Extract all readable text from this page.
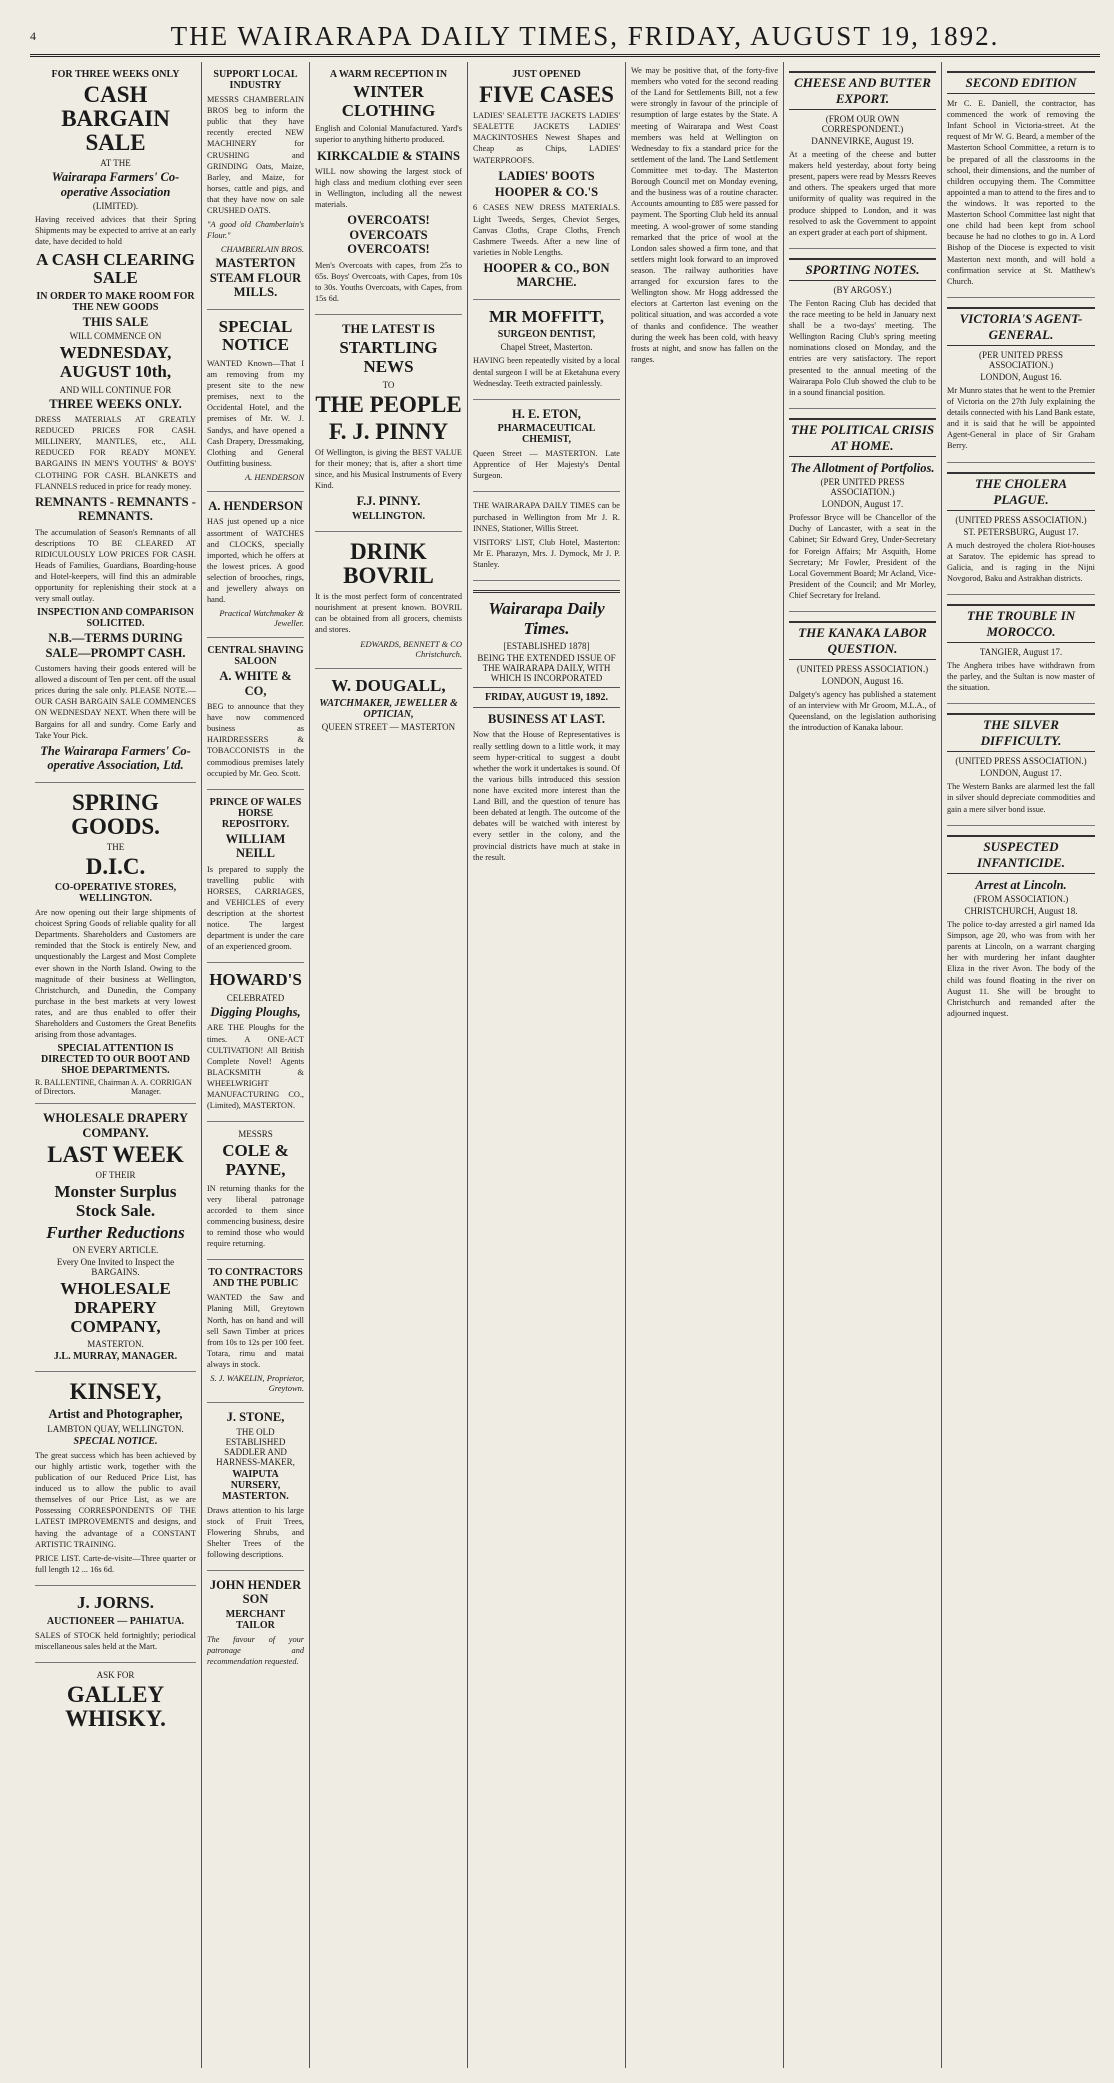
4	THE WAIRARAPA DAILY TIMES, FRIDAY, AUGUST 19, 1892.
FOR THREE WEEKS ONLY
CASH BARGAIN SALE
AT THE
Wairarapa Farmers' Co-operative Association
(LIMITED).
Having received advices that their Spring Shipments may be expected to arrive at an early date, have decided to hold
A CASH CLEARING SALE
IN ORDER TO MAKE ROOM FOR THE NEW GOODS
THIS SALE
WILL COMMENCE ON
WEDNESDAY, AUGUST 10th,
AND WILL CONTINUE FOR
THREE WEEKS ONLY.
DRESS MATERIALS AT GREATLY REDUCED PRICES FOR CASH. MILLINERY, MANTLES, etc., ALL REDUCED FOR READY MONEY. BARGAINS IN MEN'S YOUTHS' & BOYS' CLOTHING FOR CASH. BLANKETS and FLANNELS reduced in price for ready money.
REMNANTS - REMNANTS - REMNANTS.
The accumulation of Season's Remnants of all descriptions TO BE CLEARED AT RIDICULOUSLY LOW PRICES FOR CASH. Heads of Families, Guardians, Boarding-house and Hotel-keepers, will find this an admirable opportunity for replenishing their stock at a very small outlay.
INSPECTION AND COMPARISON SOLICITED.
N.B.—TERMS DURING SALE—PROMPT CASH.
Customers having their goods entered will be allowed a discount of Ten per cent. off the usual prices during the sale only. PLEASE NOTE.—OUR CASH BARGAIN SALE COMMENCES ON WEDNESDAY NEXT. When there will be Bargains for all and sundry. Come Early and Take Your Pick.
The Wairarapa Farmers' Co-operative Association, Ltd.
SPRING GOODS.
THE
D.I.C.
CO-OPERATIVE STORES, WELLINGTON.
Are now opening out their large shipments of choicest Spring Goods of reliable quality for all Departments. Shareholders and Customers are reminded that the Stock is entirely New, and unquestionably the Largest and Most Complete ever shown in the North Island. Owing to the magnitude of their business at Wellington, Christchurch, and Dunedin, the Company purchase in the best markets at very lowest rates, and are thus enabled to offer their Shareholders and Customers the Great Benefits arising from those advantages.
SPECIAL ATTENTION IS DIRECTED TO OUR BOOT AND SHOE DEPARTMENTS.
R. BALLENTINE, Chairman of Directors.
A. A. CORRIGAN Manager.
WHOLESALE DRAPERY COMPANY.
LAST WEEK
OF THEIR
Monster Surplus Stock Sale.
Further Reductions
ON EVERY ARTICLE.
Every One Invited to Inspect the BARGAINS.
WHOLESALE DRAPERY COMPANY,
MASTERTON.
J.L. MURRAY, MANAGER.
KINSEY,
Artist and Photographer,
LAMBTON QUAY, WELLINGTON.
SPECIAL NOTICE.
The great success which has been achieved by our highly artistic work, together with the publication of our Reduced Price List, has induced us to allow the public to avail themselves of our Price List, as we are Possessing CORRESPONDENTS OF THE LATEST IMPROVEMENTS and designs, and having the advantage of a CONSTANT ARTISTIC TRAINING.
PRICE LIST. Carte-de-visite—Three quarter or full length 12 ... 16s 6d.
J. JORNS.
AUCTIONEER — PAHIATUA.
SALES of STOCK held fortnightly; periodical miscellaneous sales held at the Mart.
ASK FOR
GALLEY WHISKY.
SUPPORT LOCAL INDUSTRY
MESSRS CHAMBERLAIN BROS beg to inform the public that they have recently erected NEW MACHINERY for CRUSHING and GRINDING Oats, Maize, Barley, and Maize, for horses, cattle and pigs, and that they have now on sale CRUSHED OATS.
"A good old Chamberlain's Flour."
CHAMBERLAIN BROS.
MASTERTON STEAM FLOUR MILLS.
SPECIAL NOTICE
WANTED Known—That I am removing from my present site to the new premises, next to the Occidental Hotel, and the premises of Mr. W. J. Sandys, and have opened a Cash Drapery, Dressmaking, Clothing and General Outfitting business.
A. HENDERSON
A. HENDERSON
HAS just opened up a nice assortment of WATCHES and CLOCKS, specially imported, which he offers at the lowest prices. A good selection of brooches, rings, and jewellery always on hand.
Practical Watchmaker & Jeweller.
CENTRAL SHAVING SALOON
A. WHITE & CO,
BEG to announce that they have now commenced business as HAIRDRESSERS & TOBACCONISTS in the commodious premises lately occupied by Mr. Geo. Scott.
PRINCE OF WALES HORSE REPOSITORY.
WILLIAM NEILL
Is prepared to supply the travelling public with HORSES, CARRIAGES, and VEHICLES of every description at the shortest notice. The largest department is under the care of an experienced groom.
HOWARD'S
CELEBRATED
Digging Ploughs,
ARE THE Ploughs for the times. A ONE-ACT CULTIVATION! All British Complete Novel! Agents BLACKSMITH & WHEELWRIGHT MANUFACTURING CO., (Limited), MASTERTON.
MESSRS
COLE & PAYNE,
IN returning thanks for the very liberal patronage accorded to them since commencing business, desire to remind those who would require returning.
TO CONTRACTORS AND THE PUBLIC
WANTED the Saw and Planing Mill, Greytown North, has on hand and will sell Sawn Timber at prices from 10s to 12s per 100 feet. Totara, rimu and matai always in stock.
S. J. WAKELIN, Proprietor, Greytown.
J. STONE,
THE OLD ESTABLISHED SADDLER AND HARNESS-MAKER,
WAIPUTA NURSERY, MASTERTON.
Draws attention to his large stock of Fruit Trees, Flowering Shrubs, and Shelter Trees of the following descriptions.
JOHN HENDER SON
MERCHANT TAILOR
The favour of your patronage and recommendation requested.
A WARM RECEPTION IN
WINTER CLOTHING
English and Colonial Manufactured. Yard's superior to anything hitherto produced.
KIRKCALDIE & STAINS
WILL now showing the largest stock of high class and medium clothing ever seen in Wellington, including all the newest materials.
OVERCOATS! OVERCOATS OVERCOATS!
Men's Overcoats with capes, from 25s to 65s. Boys' Overcoats, with Capes, from 10s to 30s. Youths Overcoats, with Capes, from 15s 6d.
THE LATEST IS
STARTLING NEWS
TO
THE PEOPLE
F. J. PINNY
Of Wellington, is giving the BEST VALUE for their money; that is, after a short time since, and his Musical Instruments of Every Kind.
F.J. PINNY.
WELLINGTON.
DRINK BOVRIL
It is the most perfect form of concentrated nourishment at present known. BOVRIL can be obtained from all grocers, chemists and stores.
EDWARDS, BENNETT & CO Christchurch.
W. DOUGALL,
WATCHMAKER, JEWELLER & OPTICIAN,
QUEEN STREET — MASTERTON
JUST OPENED
FIVE CASES
LADIES' SEALETTE JACKETS LADIES' SEALETTE JACKETS LADIES' MACKINTOSHES Newest Shapes and Cheap as Chips, LADIES' WATERPROOFS.
LADIES' BOOTS
HOOPER & CO.'S
6 CASES NEW DRESS MATERIALS. Light Tweeds, Serges, Cheviot Serges, Canvas Cloths, Crape Cloths, French Cashmere Tweeds. After a new line of varieties in Noble Lengths.
HOOPER & CO., BON MARCHE.
MR MOFFITT,
SURGEON DENTIST,
Chapel Street, Masterton.
HAVING been repeatedly visited by a local dental surgeon I will be at Eketahuna every Wednesday. Teeth extracted painlessly.
H. E. ETON,
PHARMACEUTICAL CHEMIST,
Queen Street — MASTERTON. Late Apprentice of Her Majesty's Dental Surgeon.
THE WAIRARAPA DAILY TIMES can be purchased in Wellington from Mr J. R. INNES, Stationer, Willis Street.
VISITORS' LIST, Club Hotel, Masterton: Mr E. Pharazyn, Mrs. J. Dymock, Mr J. P. Stanley.
Wairarapa Daily Times.
[ESTABLISHED 1878]
BEING THE EXTENDED ISSUE OF THE WAIRARAPA DAILY, WITH WHICH IS INCORPORATED
FRIDAY, AUGUST 19, 1892.
BUSINESS AT LAST.
Now that the House of Representatives is really settling down to a little work, it may seem hyper-critical to suggest a doubt whether the work it undertakes is sound. Of the various bills introduced this session none have excited more interest than the Land Bill, and the question of tenure has been debated at length. The outcome of the debates will be watched with interest by every settler in the colony, and the provincial districts have much at stake in the result.
We may be positive that, of the forty-five members who voted for the second reading of the Land for Settlements Bill, not a few were strongly in favour of the principle of resumption of large estates by the State. A meeting of Wairarapa and West Coast members was held at Wellington on Wednesday to fix a standard price for the settlement of the land. The Land Settlement Committee met to-day. The Masterton Borough Council met on Monday evening, and the business was of a routine character. Accounts amounting to £85 were passed for payment. The Sporting Club held its annual meeting. A wool-grower of some standing remarked that the price of wool at the London sales showed a firm tone, and that settlers might look forward to an improved season. The railway authorities have arranged for excursion fares to the Wellington show. Mr Hogg addressed the electors at Carterton last evening on the political situation, and was accorded a vote of thanks and confidence. The weather during the week has been cold, with heavy frosts at night, and snow has fallen on the ranges.
CHEESE AND BUTTER EXPORT.
(FROM OUR OWN CORRESPONDENT.)
DANNEVIRKE, August 19.
At a meeting of the cheese and butter makers held yesterday, about forty being present, papers were read by Messrs Reeves and others. The speakers urged that more uniformity of quality was required in the produce shipped to London, and it was resolved to ask the Government to appoint an expert grader at each port of shipment.
SPORTING NOTES.
(BY ARGOSY.)
The Fenton Racing Club has decided that the race meeting to be held in January next shall be a two-days' meeting. The Wellington Racing Club's spring meeting nominations closed on Monday, and the entries are very satisfactory. The report presented to the annual meeting of the Wairarapa Polo Club showed the club to be in a sound financial position.
THE POLITICAL CRISIS AT HOME.
The Allotment of Portfolios.
(PER UNITED PRESS ASSOCIATION.)
LONDON, August 17.
Professor Bryce will be Chancellor of the Duchy of Lancaster, with a seat in the Cabinet; Sir Edward Grey, Under-Secretary for Foreign Affairs; Mr Asquith, Home Secretary; Mr Fowler, President of the Local Government Board; Mr Acland, Vice-President of the Council; and Mr Morley, Chief Secretary for Ireland.
THE KANAKA LABOR QUESTION.
(UNITED PRESS ASSOCIATION.)
LONDON, August 16.
Dalgety's agency has published a statement of an interview with Mr Groom, M.L.A., of Queensland, on the legislation authorising the introduction of Kanaka labour.
SECOND EDITION
Mr C. E. Daniell, the contractor, has commenced the work of removing the Infant School in Victoria-street. At the request of Mr W. G. Beard, a member of the Masterton School Committee, a return is to be prepared of all the classrooms in the school, their dimensions, and the number of children occupying them. The Committee appointed a man to attend to the fires and to the windows. It was reported to the Masterton School Committee last night that one child had been kept from school because he had no clothes to go in. A Lord Bishop of the Diocese is expected to visit Masterton next month, and will hold a confirmation service at St. Matthew's Church.
VICTORIA'S AGENT-GENERAL.
(PER UNITED PRESS ASSOCIATION.)
LONDON, August 16.
Mr Munro states that he went to the Premier of Victoria on the 27th July explaining the details connected with his Land Bank estate, and it is said that he will be appointed Agent-General in place of Sir Graham Berry.
THE CHOLERA PLAGUE.
(UNITED PRESS ASSOCIATION.)
ST. PETERSBURG, August 17.
A much destroyed the cholera Riot-houses at Saratov. The epidemic has spread to Galicia, and is raging in the Nijni Novgorod, Baku and Astrakhan districts.
THE TROUBLE IN MOROCCO.
TANGIER, August 17.
The Anghera tribes have withdrawn from the parley, and the Sultan is now master of the situation.
THE SILVER DIFFICULTY.
(UNITED PRESS ASSOCIATION.)
LONDON, August 17.
The Western Banks are alarmed lest the fall in silver should depreciate commodities and gain a mere silver bond issue.
SUSPECTED INFANTICIDE.
Arrest at Lincoln.
(FROM ASSOCIATION.)
CHRISTCHURCH, August 18.
The police to-day arrested a girl named Ida Simpson, age 20, who was from with her parents at Lincoln, on a warrant charging her with murdering her infant daughter Eliza in the river Avon. The body of the child was found floating in the river on August 11. She will be brought to Christchurch and remanded after the adjourned inquest.
